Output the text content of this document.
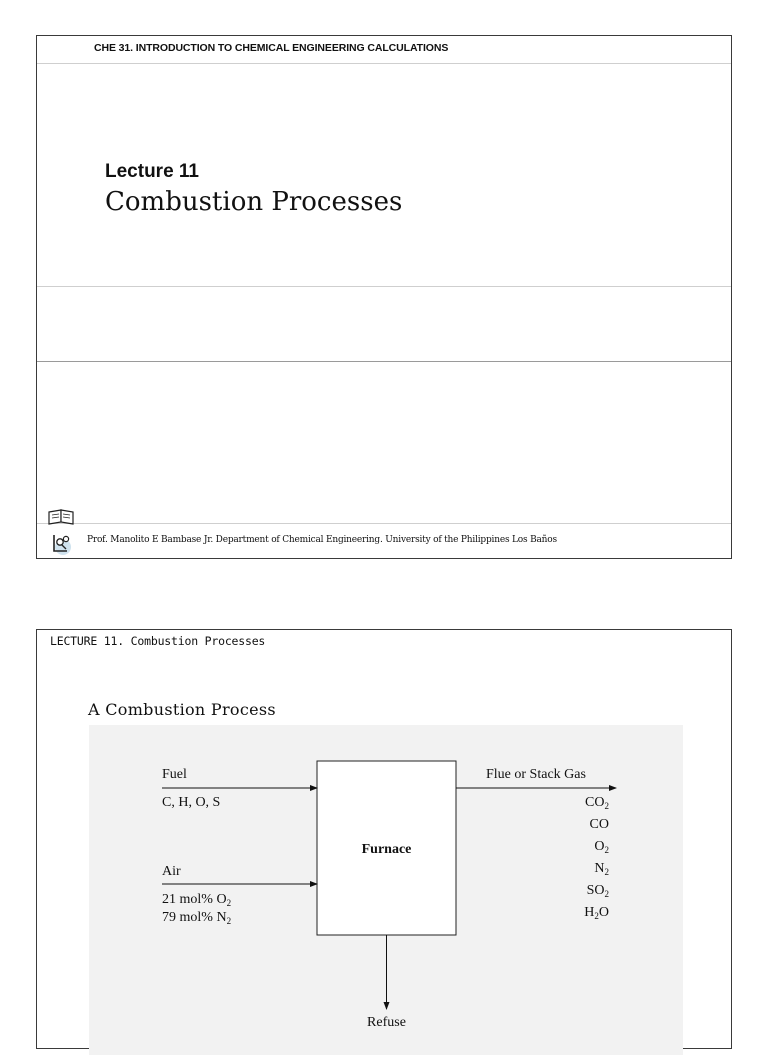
CHE 31. INTRODUCTION TO CHEMICAL ENGINEERING CALCULATIONS
Lecture 11
Combustion Processes
Prof. Manolito E Bambase Jr. Department of Chemical Engineering. University of the Philippines Los Baños
LECTURE 11. Combustion Processes
A Combustion Process
Furnace
Fuel
C, H, O, S
Air
21 mol% $O_2$
79 mol% $N_2$
Flue or Stack Gas
$CO_2$
CO
$O_2$
$N_2$
$SO_2$
$H_2O$
Refuse
